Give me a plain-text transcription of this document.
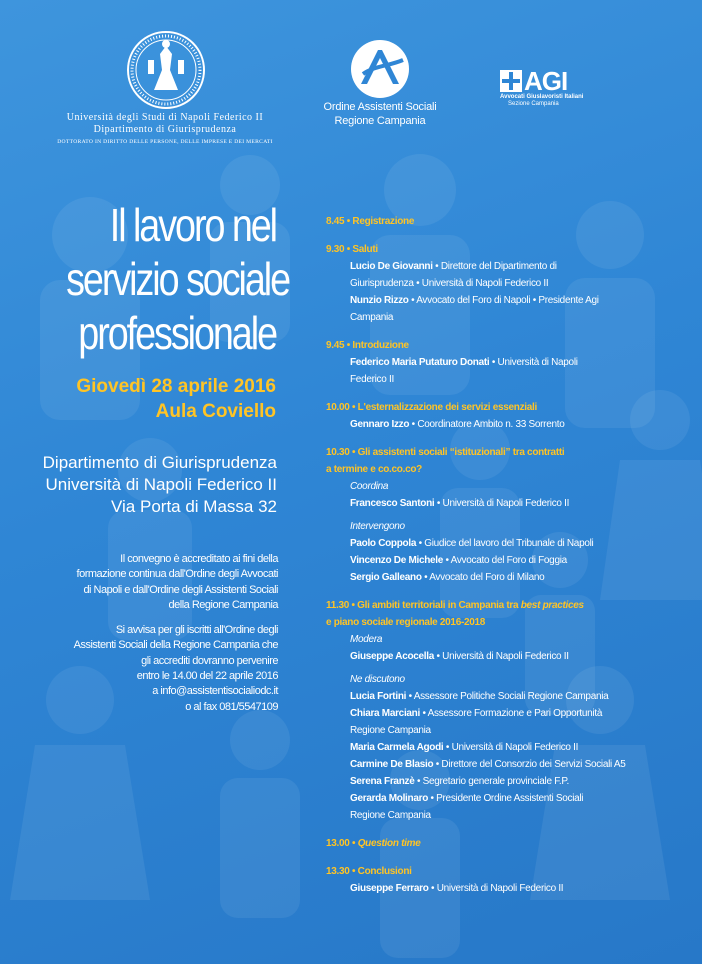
Università degli Studi di Napoli Federico II
Dipartimento di Giurisprudenza
DOTTORATO IN DIRITTO DELLE PERSONE, DELLE IMPRESE E DEI MERCATI
Ordine Assistenti Sociali
Regione Campania
AGI
Avvocati Giuslavoristi Italiani
Sezione Campania
Il lavoro nel
servizio sociale
professionale
Giovedì 28 aprile 2016
Aula Coviello
Dipartimento di Giurisprudenza
Università di Napoli Federico II
Via Porta di Massa 32

Il convegno è accreditato ai fini della
formazione continua dall'Ordine degli Avvocati
di Napoli e dall'Ordine degli Assistenti Sociali
della Regione Campania

Si avvisa per gli iscritti all'Ordine degli
Assistenti Sociali della Regione Campania che
gli accrediti dovranno pervenire
entro le 14.00 del 22 aprile 2016
a info@assistentisocialiodc.it
o al fax 081/5547109

8.45 • Registrazione
9.30 • Saluti
Lucio De Giovanni • Direttore del Dipartimento di
Giurisprudenza • Università di Napoli Federico II
Nunzio Rizzo • Avvocato del Foro di Napoli • Presidente Agi
Campania
9.45 • Introduzione
Federico Maria Putaturo Donati • Università di Napoli
Federico II
10.00 • L'esternalizzazione dei servizi essenziali
Gennaro Izzo • Coordinatore Ambito n. 33 Sorrento
10.30 • Gli assistenti sociali “istituzionali” tra contratti
a termine e co.co.co?
Coordina
Francesco Santoni • Università di Napoli Federico II
Intervengono
Paolo Coppola • Giudice del lavoro del Tribunale di Napoli
Vincenzo De Michele • Avvocato del Foro di Foggia
Sergio Galleano • Avvocato del Foro di Milano
11.30 • Gli ambiti territoriali in Campania tra best practices
e piano sociale regionale 2016-2018
Modera
Giuseppe Acocella • Università di Napoli Federico II
Ne discutono
Lucia Fortini • Assessore Politiche Sociali Regione Campania
Chiara Marciani • Assessore Formazione e Pari Opportunità
Regione Campania
Maria Carmela Agodi • Università di Napoli Federico II
Carmine De Blasio • Direttore del Consorzio dei Servizi Sociali A5
Serena Franzè • Segretario generale provinciale F.P.
Gerarda Molinaro • Presidente Ordine Assistenti Sociali
Regione Campania
13.00 • Question time
13.30 • Conclusioni
Giuseppe Ferraro • Università di Napoli Federico II
